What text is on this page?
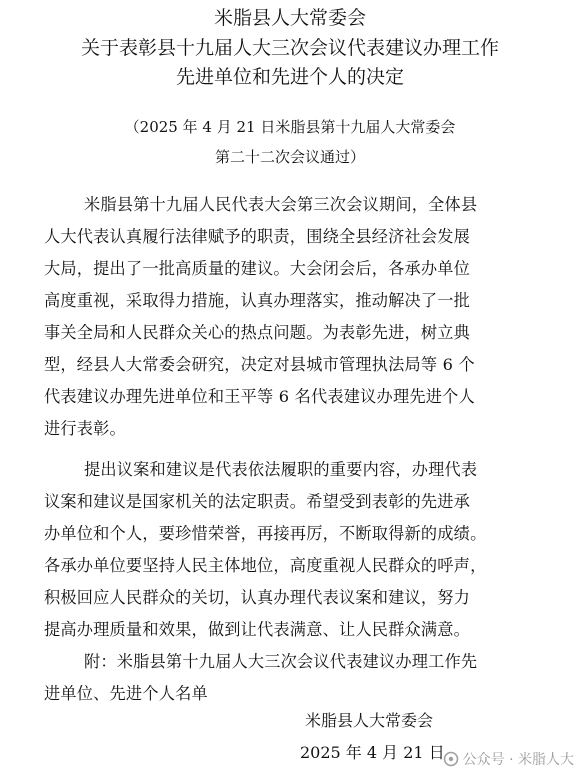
米脂县人大常委会
关于表彰县十九届人大三次会议代表建议办理工作
先进单位和先进个人的决定
（2025 年 4 月 21 日米脂县第十九届人大常委会
第二十二次会议通过）
米脂县第十九届人民代表大会第三次会议期间，全体县
人大代表认真履行法律赋予的职责，围绕全县经济社会发展
大局，提出了一批高质量的建议。大会闭会后，各承办单位
高度重视，采取得力措施，认真办理落实，推动解决了一批
事关全局和人民群众关心的热点问题。为表彰先进，树立典
型，经县人大常委会研究，决定对县城市管理执法局等 6 个
代表建议办理先进单位和王平等 6 名代表建议办理先进个人
进行表彰。
提出议案和建议是代表依法履职的重要内容，办理代表
议案和建议是国家机关的法定职责。希望受到表彰的先进承
办单位和个人，要珍惜荣誉，再接再厉，不断取得新的成绩。
各承办单位要坚持人民主体地位，高度重视人民群众的呼声，
积极回应人民群众的关切，认真办理代表议案和建议，努力
提高办理质量和效果，做到让代表满意、让人民群众满意。
附：米脂县第十九届人大三次会议代表建议办理工作先
进单位、先进个人名单
米脂县人大常委会
2025 年 4 月 21 日 公众号 · 米脂人大
